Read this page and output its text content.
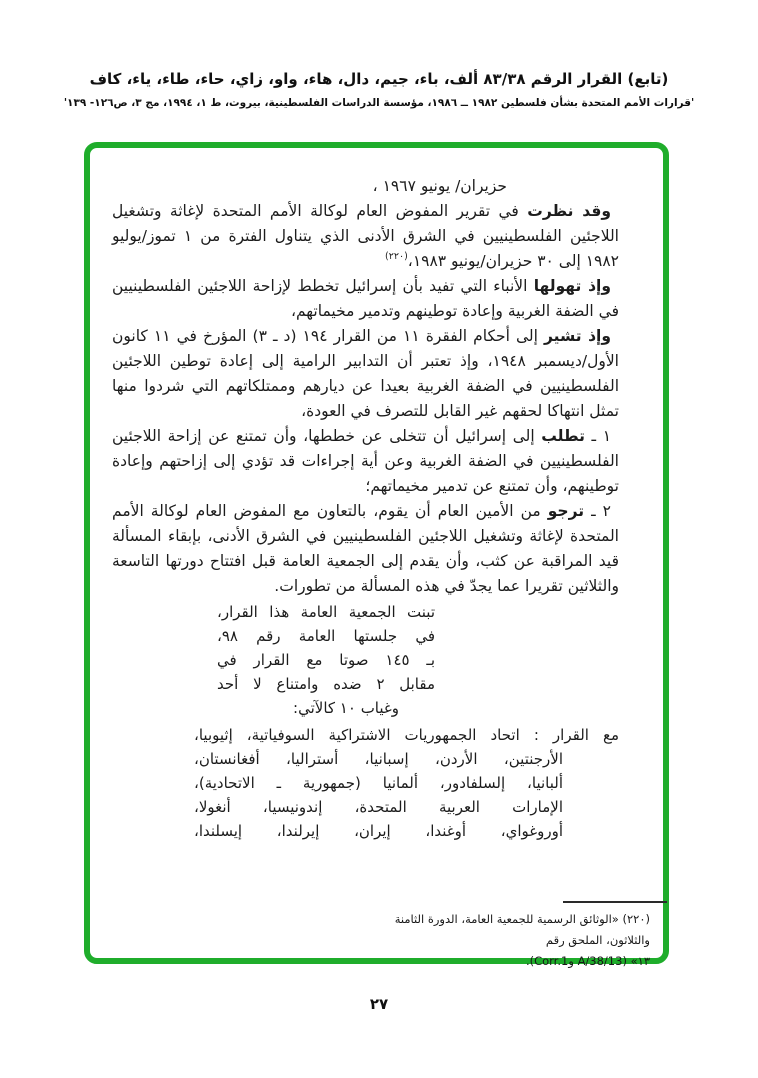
(تابع) القرار الرقم ٨٣/٣٨ ألف، باء، جيم، دال، هاء، واو، زاي، حاء، طاء، ياء، كاف
'قرارات الأمم المتحدة بشأن فلسطين ١٩٨٢ ــ ١٩٨٦، مؤسسة الدراسات الفلسطينية، بيروت، ط ١، ١٩٩٤، مج ٣، ص١٢٦- ١٣٩'
حزيران/ يونيو ١٩٦٧ ،

وقد نظرت في تقرير المفوض العام لوكالة الأمم المتحدة لإغاثة وتشغيل اللاجئين الفلسطينيين في الشرق الأدنى الذي يتناول الفترة من ١ تموز/يوليو ١٩٨٢ إلى ٣٠ حزيران/يونيو ١٩٨٣،$^{(٢٢٠)}$

وإذ تهولها الأنباء التي تفيد بأن إسرائيل تخطط لإزاحة اللاجئين الفلسطينيين في الضفة الغربية وإعادة توطينهم وتدمير مخيماتهم،

وإذ تشير إلى أحكام الفقرة ١١ من القرار ١٩٤ (د ـ ٣) المؤرخ في ١١ كانون الأول/ديسمبر ١٩٤٨، وإذ تعتبر أن التدابير الرامية إلى إعادة توطين اللاجئين الفلسطينيين في الضفة الغربية بعيدا عن ديارهم وممتلكاتهم التي شردوا منها تمثل انتهاكا لحقهم غير القابل للتصرف في العودة،

١ ـ تطلب إلى إسرائيل أن تتخلى عن خططها، وأن تمتنع عن إزاحة اللاجئين الفلسطينيين في الضفة الغربية وعن أية إجراءات قد تؤدي إلى إزاحتهم وإعادة توطينهم، وأن تمتنع عن تدمير مخيماتهم؛

٢ ـ ترجو من الأمين العام أن يقوم، بالتعاون مع المفوض العام لوكالة الأمم المتحدة لإغاثة وتشغيل اللاجئين الفلسطينيين في الشرق الأدنى، بإبقاء المسألة قيد المراقبة عن كثب، وأن يقدم إلى الجمعية العامة قبل افتتاح دورتها التاسعة والثلاثين تقريرا عما يجدّ في هذه المسألة من تطورات.

تبنت الجمعية العامة هذا القرار،
في جلستها العامة رقم ٩٨،
بـ ١٤٥ صوتا مع القرار في
مقابل ٢ ضده وامتناع لا أحد
وغياب ١٠ كالآتي:
مع القرار : اتحاد الجمهوريات الاشتراكية السوفياتية، إثيوبيا،
الأرجنتين، الأردن، إسبانيا، أستراليا، أفغانستان،
ألبانيا، إلسلفادور، ألمانيا (جمهورية ـ الاتحادية)،
الإمارات العربية المتحدة، إندونيسيا، أنغولا،
أوروغواي، أوغندا، إيران، إيرلندا، إيسلندا،
(٢٢٠) «الوثائق الرسمية للجمعية العامة، الدورة الثامنة والثلاثون، الملحق رقم
١٣» (A/38/13 وCorr.1).
٢٧
